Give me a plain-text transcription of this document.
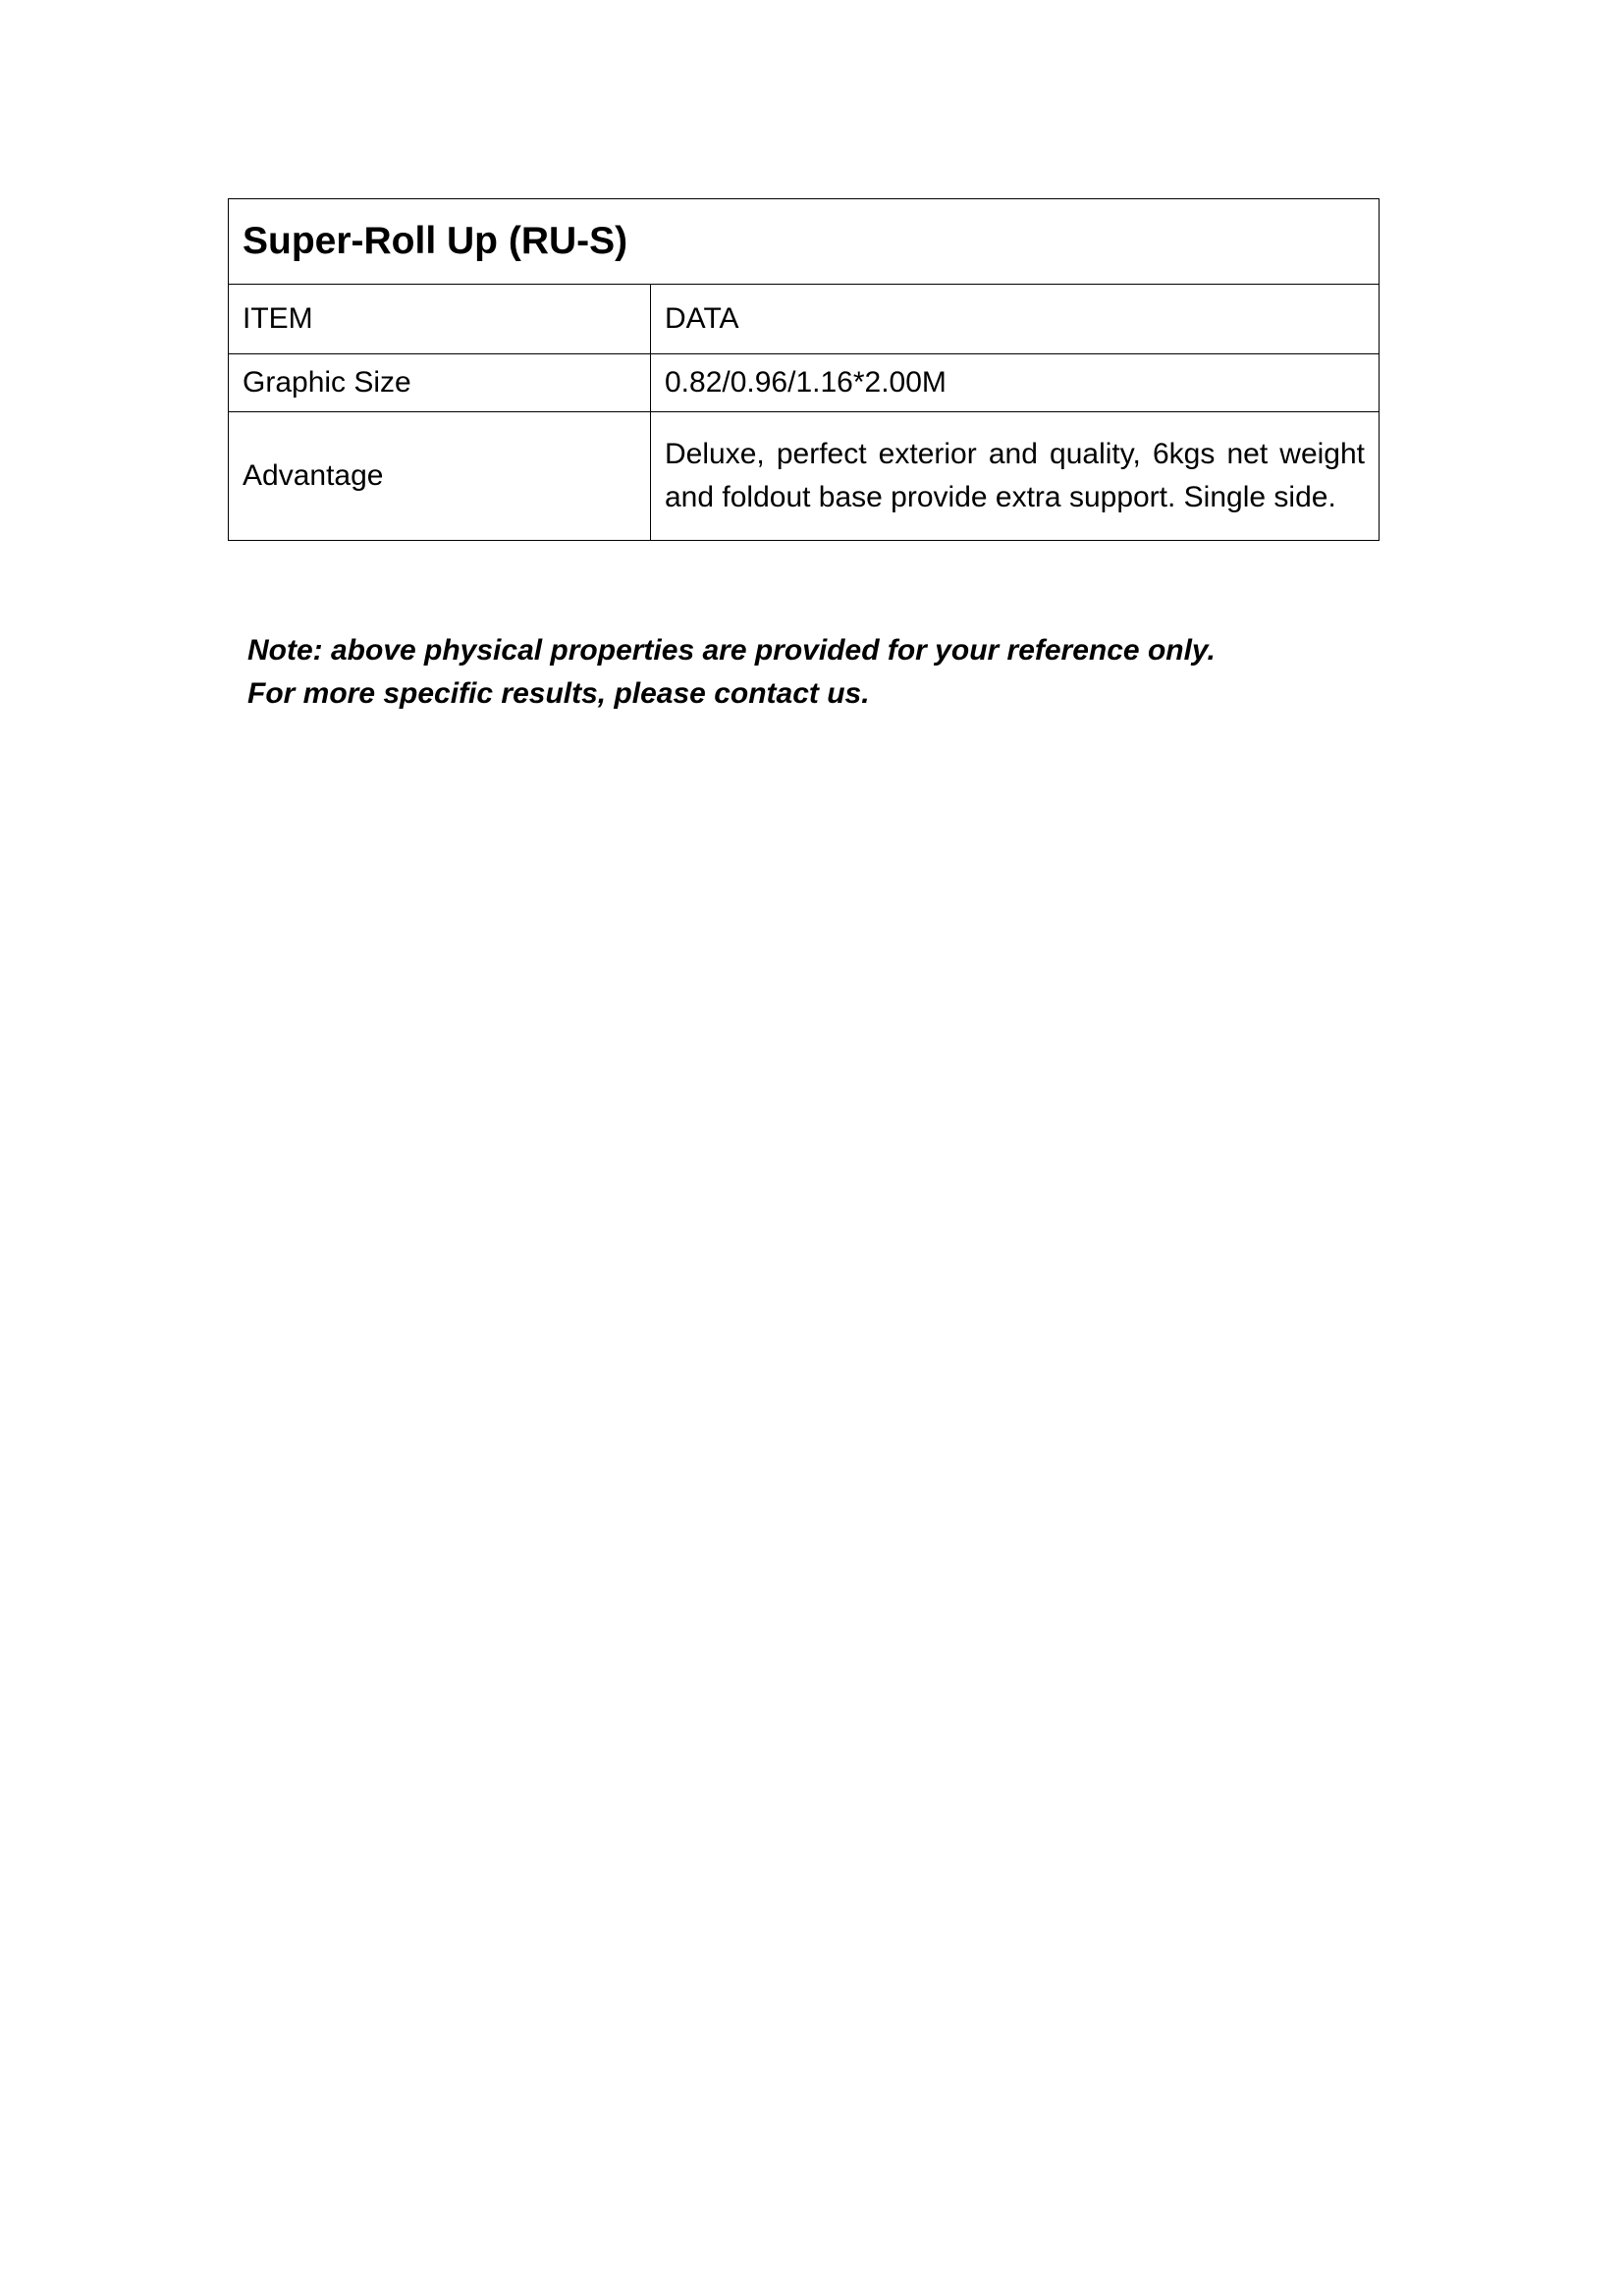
Super-Roll Up (RU-S)	
ITEM	DATA
Graphic Size	0.82/0.96/1.16*2.00M
Advantage	Deluxe, perfect exterior and quality, 6kgs net weight and foldout base provide extra support. Single side.
Note: above physical properties are provided for your reference only.
For more specific results, please contact us.
